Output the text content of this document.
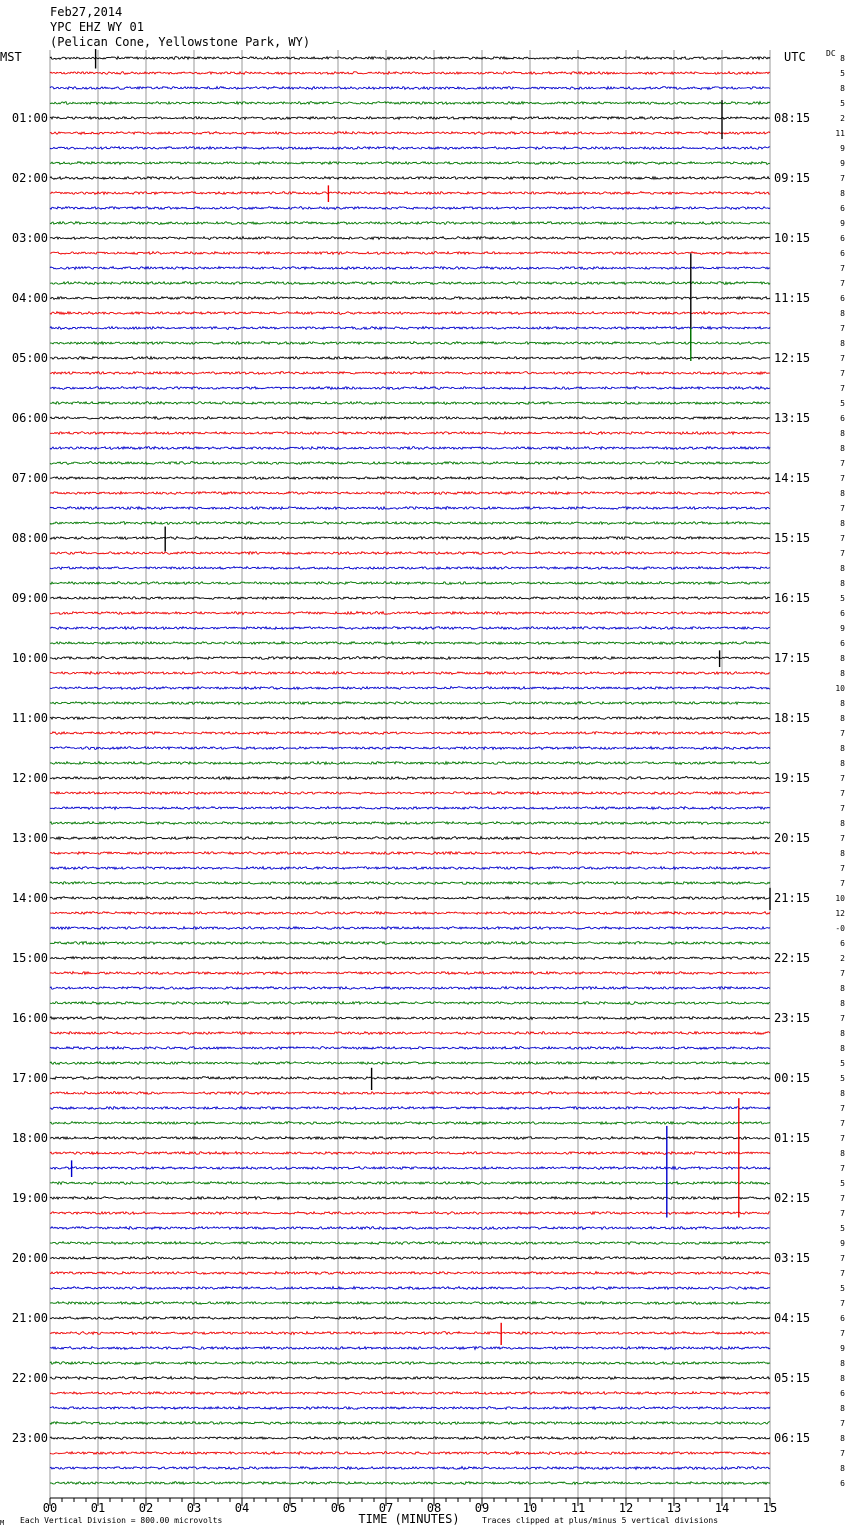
Feb27,2014
YPC EHZ WY 01
(Pelican Cone, Yellowstone Park, WY)
MST	UTC	DC
TIME (MINUTES)
Each Vertical Division = 800.00 microvolts	Traces clipped at plus/minus 5 vertical divisions
M
01:00
02:00
03:00
04:00
05:00
06:00
07:00
08:00
09:00
10:00
11:00
12:00
13:00
14:00
15:00
16:00
17:00
18:00
19:00
20:00
21:00
22:00
23:00
08:15
09:15
10:15
11:15
12:15
13:15
14:15
15:15
16:15
17:15
18:15
19:15
20:15
21:15
22:15
23:15
00:15
01:15
02:15
03:15
04:15
05:15
06:15
8
5
8
5
2
11
9
9
7
8
6
9
6
6
7
7
6
8
7
8
7
7
7
5
6
8
8
7
7
8
7
8
7
7
8
8
5
6
9
6
8
8
10
8
8
7
8
8
7
7
7
8
7
8
7
7
10
12
-0
6
2
7
8
8
7
8
8
5
5
8
7
7
7
8
7
5
7
7
5
9
7
7
5
7
6
7
9
8
8
6
8
7
8
7
8
6
00	01	02	03	04	05	06	07	08	09	10	11	12	13	14	15
